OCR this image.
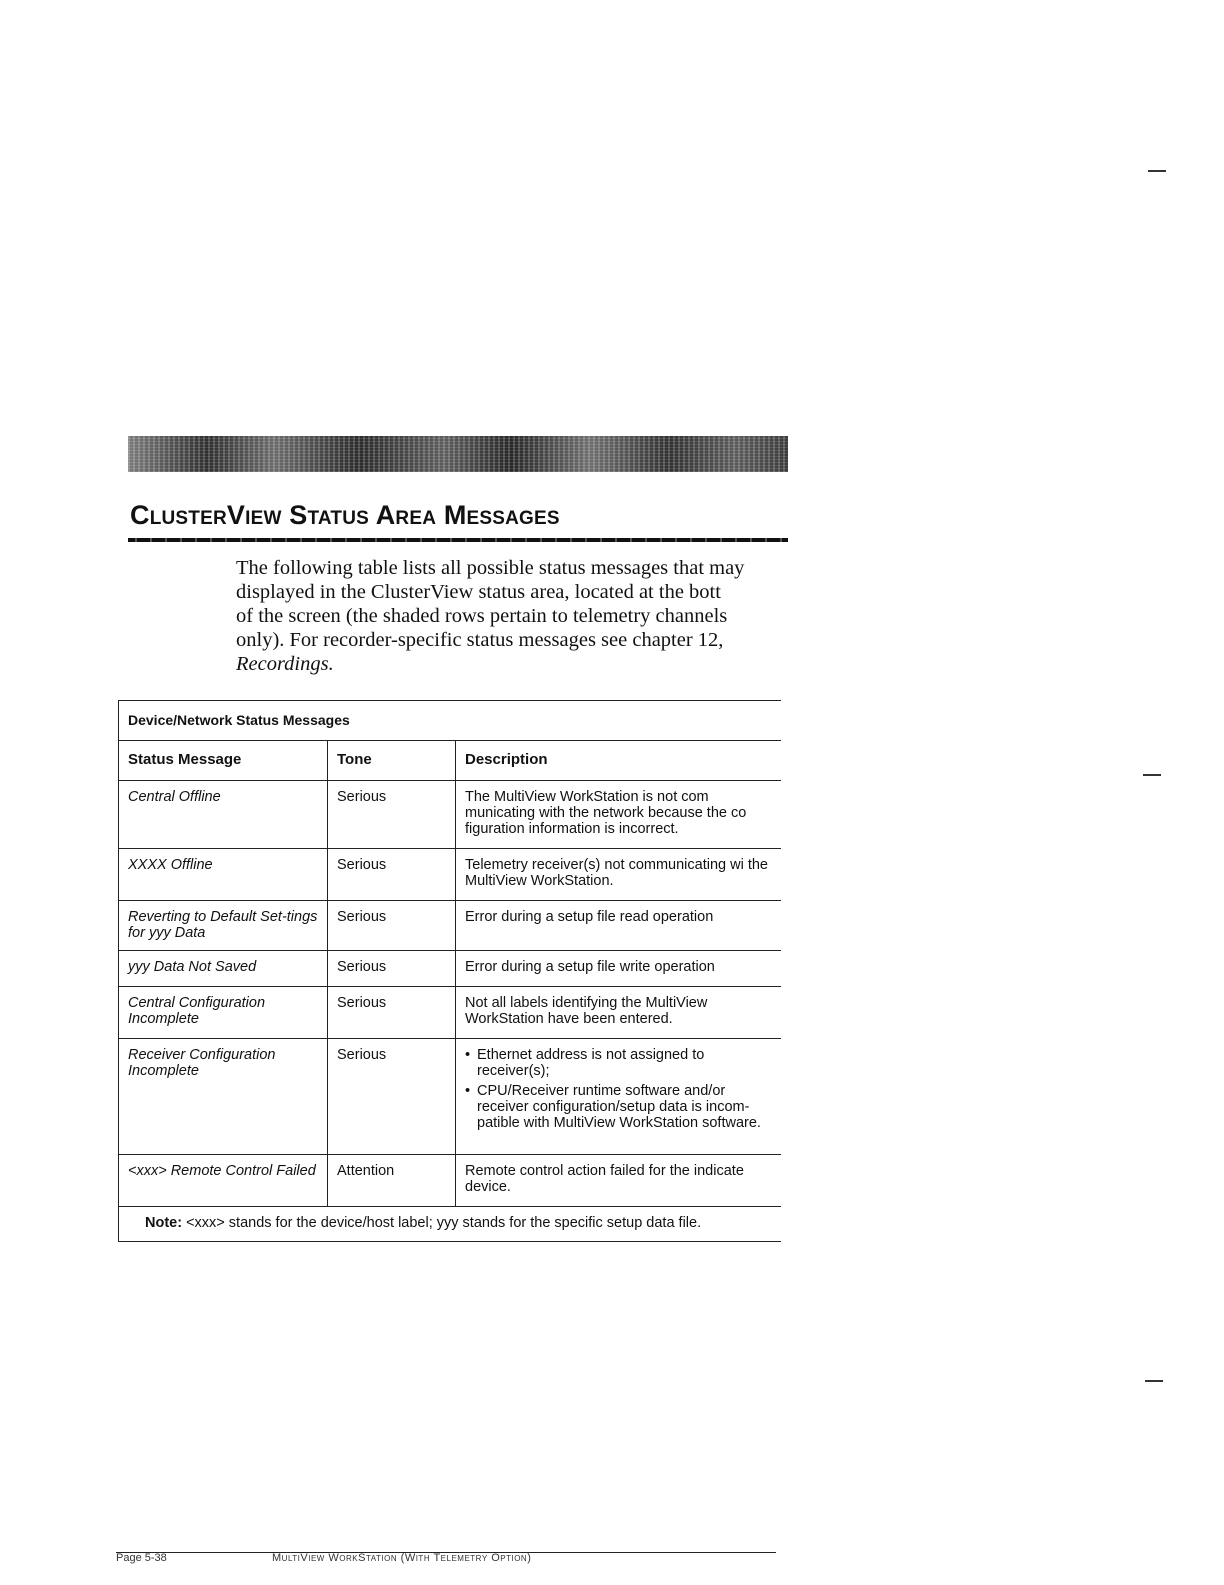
ClusterView Status Area Messages

The following table lists all possible status messages that may
displayed in the ClusterView status area, located at the bott
of the screen (the shaded rows pertain to telemetry channels
only). For recorder-specific status messages see chapter 12,
Recordings.

Device/Network Status Messages		
Status Message	Tone	Description
Central Offline	Serious	The MultiView WorkStation is not com municating with the network because the co figuration information is incorrect.
XXXX Offline	Serious	Telemetry receiver(s) not communicating wi the MultiView WorkStation.
Reverting to Default Set-tings for yyy Data	Serious	Error during a setup file read operation
yyy Data Not Saved	Serious	Error during a setup file write operation
Central Configuration Incomplete	Serious	Not all labels identifying the MultiView WorkStation have been entered.
Receiver Configuration Incomplete	Serious	• Ethernet address is not assigned to receiver(s);
• CPU/Receiver runtime software and/or receiver configuration/setup data is incom-patible with MultiView WorkStation software.

<xxx> Remote Control Failed	Attention	Remote control action failed for the indicate device.
Note: <xxx> stands for the device/host label; yyy stands for the specific setup data file.		
Page 5-38	MultiView WorkStation (With Telemetry Option)
